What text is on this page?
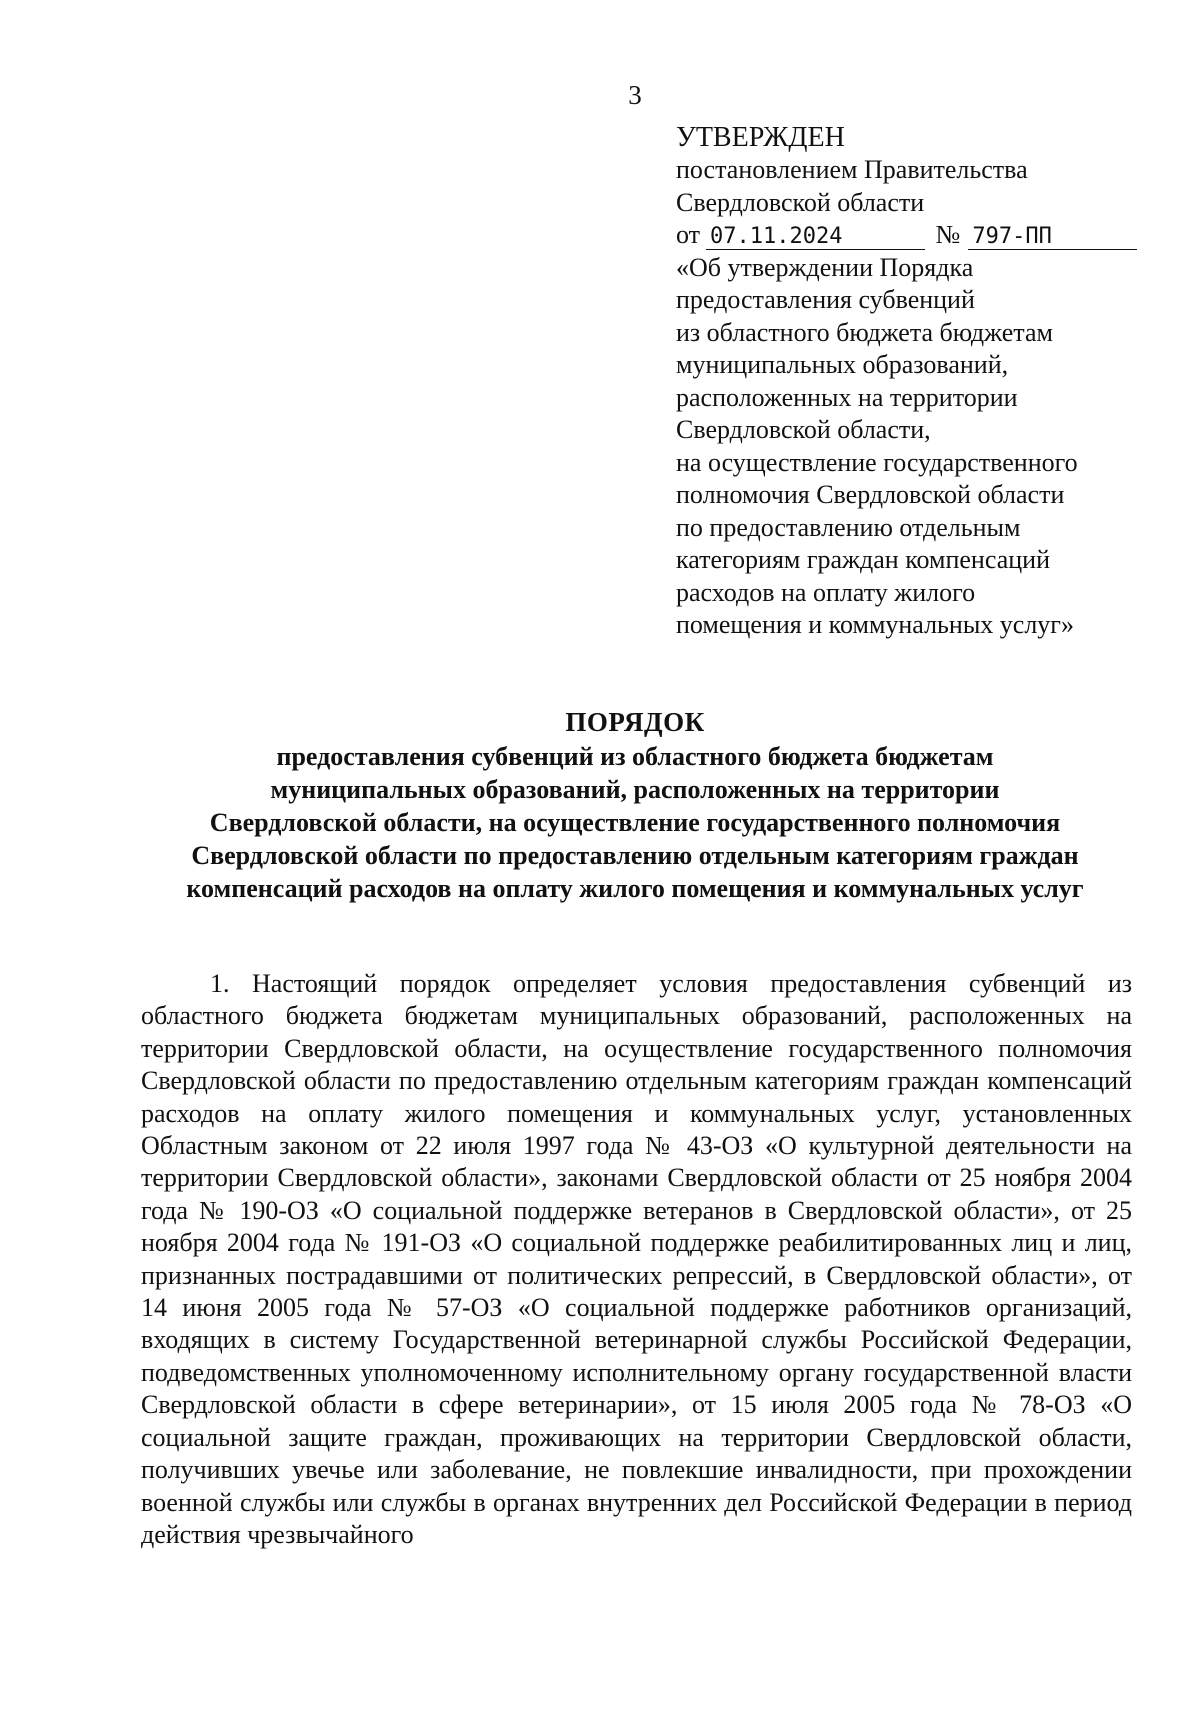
3
УТВЕРЖДЕН
постановлением Правительства
Свердловской области
от 07.11.2024	№ 797-ПП
«Об утверждении Порядка
предоставления субвенций
из областного бюджета бюджетам
муниципальных образований,
расположенных на территории
Свердловской области,
на осуществление государственного
полномочия Свердловской области
по предоставлению отдельным
категориям граждан компенсаций
расходов на оплату жилого
помещения и коммунальных услуг»
ПОРЯДОК
предоставления субвенций из областного бюджета бюджетам
муниципальных образований, расположенных на территории
Свердловской области, на осуществление государственного полномочия
Свердловской области по предоставлению отдельным категориям граждан
компенсаций расходов на оплату жилого помещения и коммунальных услуг

1. Настоящий порядок определяет условия предоставления субвенций из областного бюджета бюджетам муниципальных образований, расположенных на территории Свердловской области, на осуществление государственного полномочия Свердловской области по предоставлению отдельным категориям граждан компенсаций расходов на оплату жилого помещения и коммунальных услуг, установленных Областным законом от 22 июля 1997 года № 43-ОЗ «О культурной деятельности на территории Свердловской области», законами Свердловской области от 25 ноября 2004 года № 190-ОЗ «О социальной поддержке ветеранов в Свердловской области», от 25 ноября 2004 года № 191-ОЗ «О социальной поддержке реабилитированных лиц и лиц, признанных пострадавшими от политических репрессий, в Свердловской области», от 14 июня 2005 года № 57-ОЗ «О социальной поддержке работников организаций, входящих в систему Государственной ветеринарной службы Российской Федерации, подведомственных уполномоченному исполнительному органу государственной власти Свердловской области в сфере ветеринарии», от 15 июля 2005 года № 78-ОЗ «О социальной защите граждан, проживающих на территории Свердловской области, получивших увечье или заболевание, не повлекшие инвалидности, при прохождении военной службы или службы в органах внутренних дел Российской Федерации в период действия чрезвычайного
